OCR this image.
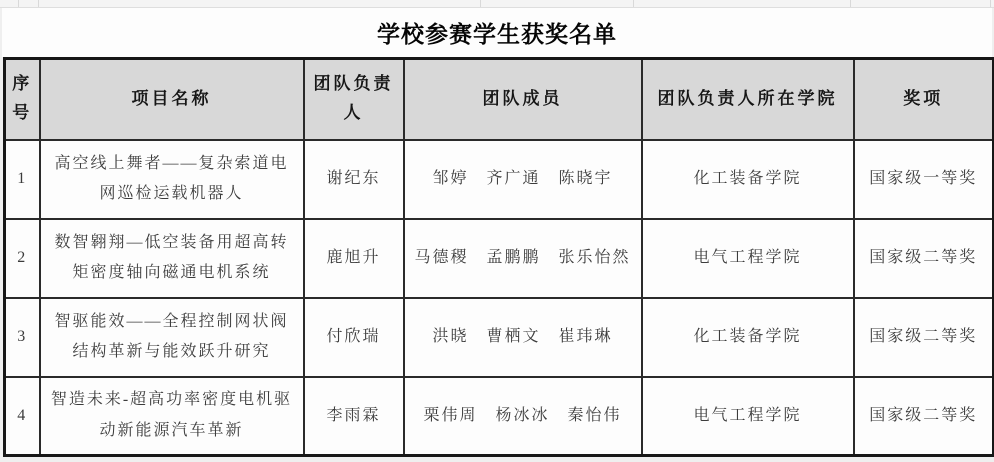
学校参赛学生获奖名单
序号	项目名称	团队负责人	团队成员	团队负责人所在学院	奖项
1	高空线上舞者——复杂索道电网巡检运载机器人	谢纪东	邹婷　齐广通　陈晓宇	化工装备学院	国家级一等奖
2	数智翱翔—低空装备用超高转矩密度轴向磁通电机系统	鹿旭升	马德稷　孟鹏鹏　张乐怡然	电气工程学院	国家级二等奖
3	智驱能效——全程控制网状阀结构革新与能效跃升研究	付欣瑞	洪晓　曹栖文　崔玮琳	化工装备学院	国家级二等奖
4	智造未来-超高功率密度电机驱动新能源汽车革新	李雨霖	栗伟周　杨冰冰　秦怡伟	电气工程学院	国家级二等奖
